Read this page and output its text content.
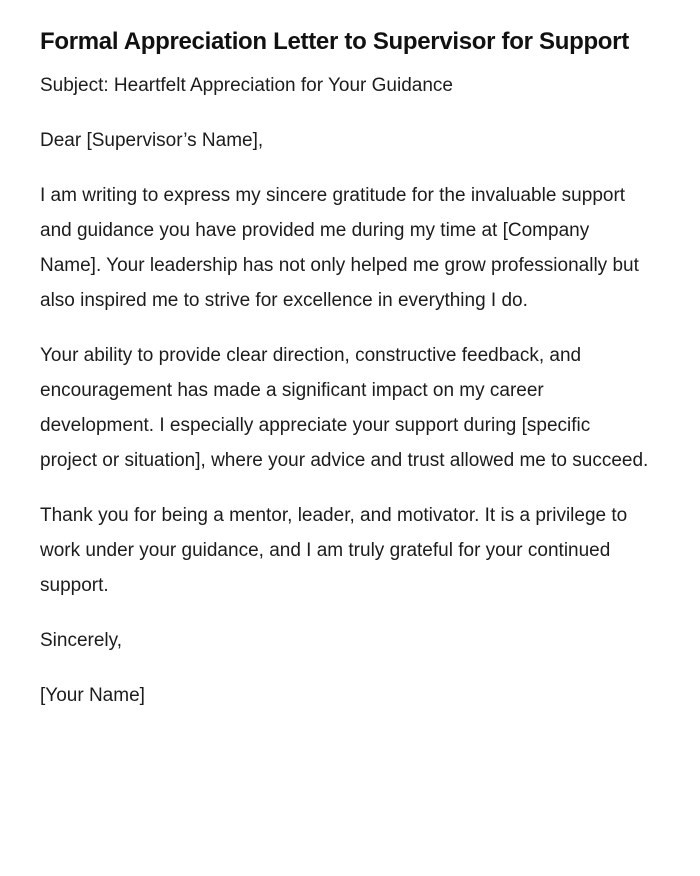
Formal Appreciation Letter to Supervisor for Support

Subject: Heartfelt Appreciation for Your Guidance

Dear [Supervisor’s Name],

I am writing to express my sincere gratitude for the invaluable support and guidance you have provided me during my time at [Company Name]. Your leadership has not only helped me grow professionally but also inspired me to strive for excellence in everything I do.

Your ability to provide clear direction, constructive feedback, and encouragement has made a significant impact on my career development. I especially appreciate your support during [specific project or situation], where your advice and trust allowed me to succeed.

Thank you for being a mentor, leader, and motivator. It is a privilege to work under your guidance, and I am truly grateful for your continued support.

Sincerely,

[Your Name]
